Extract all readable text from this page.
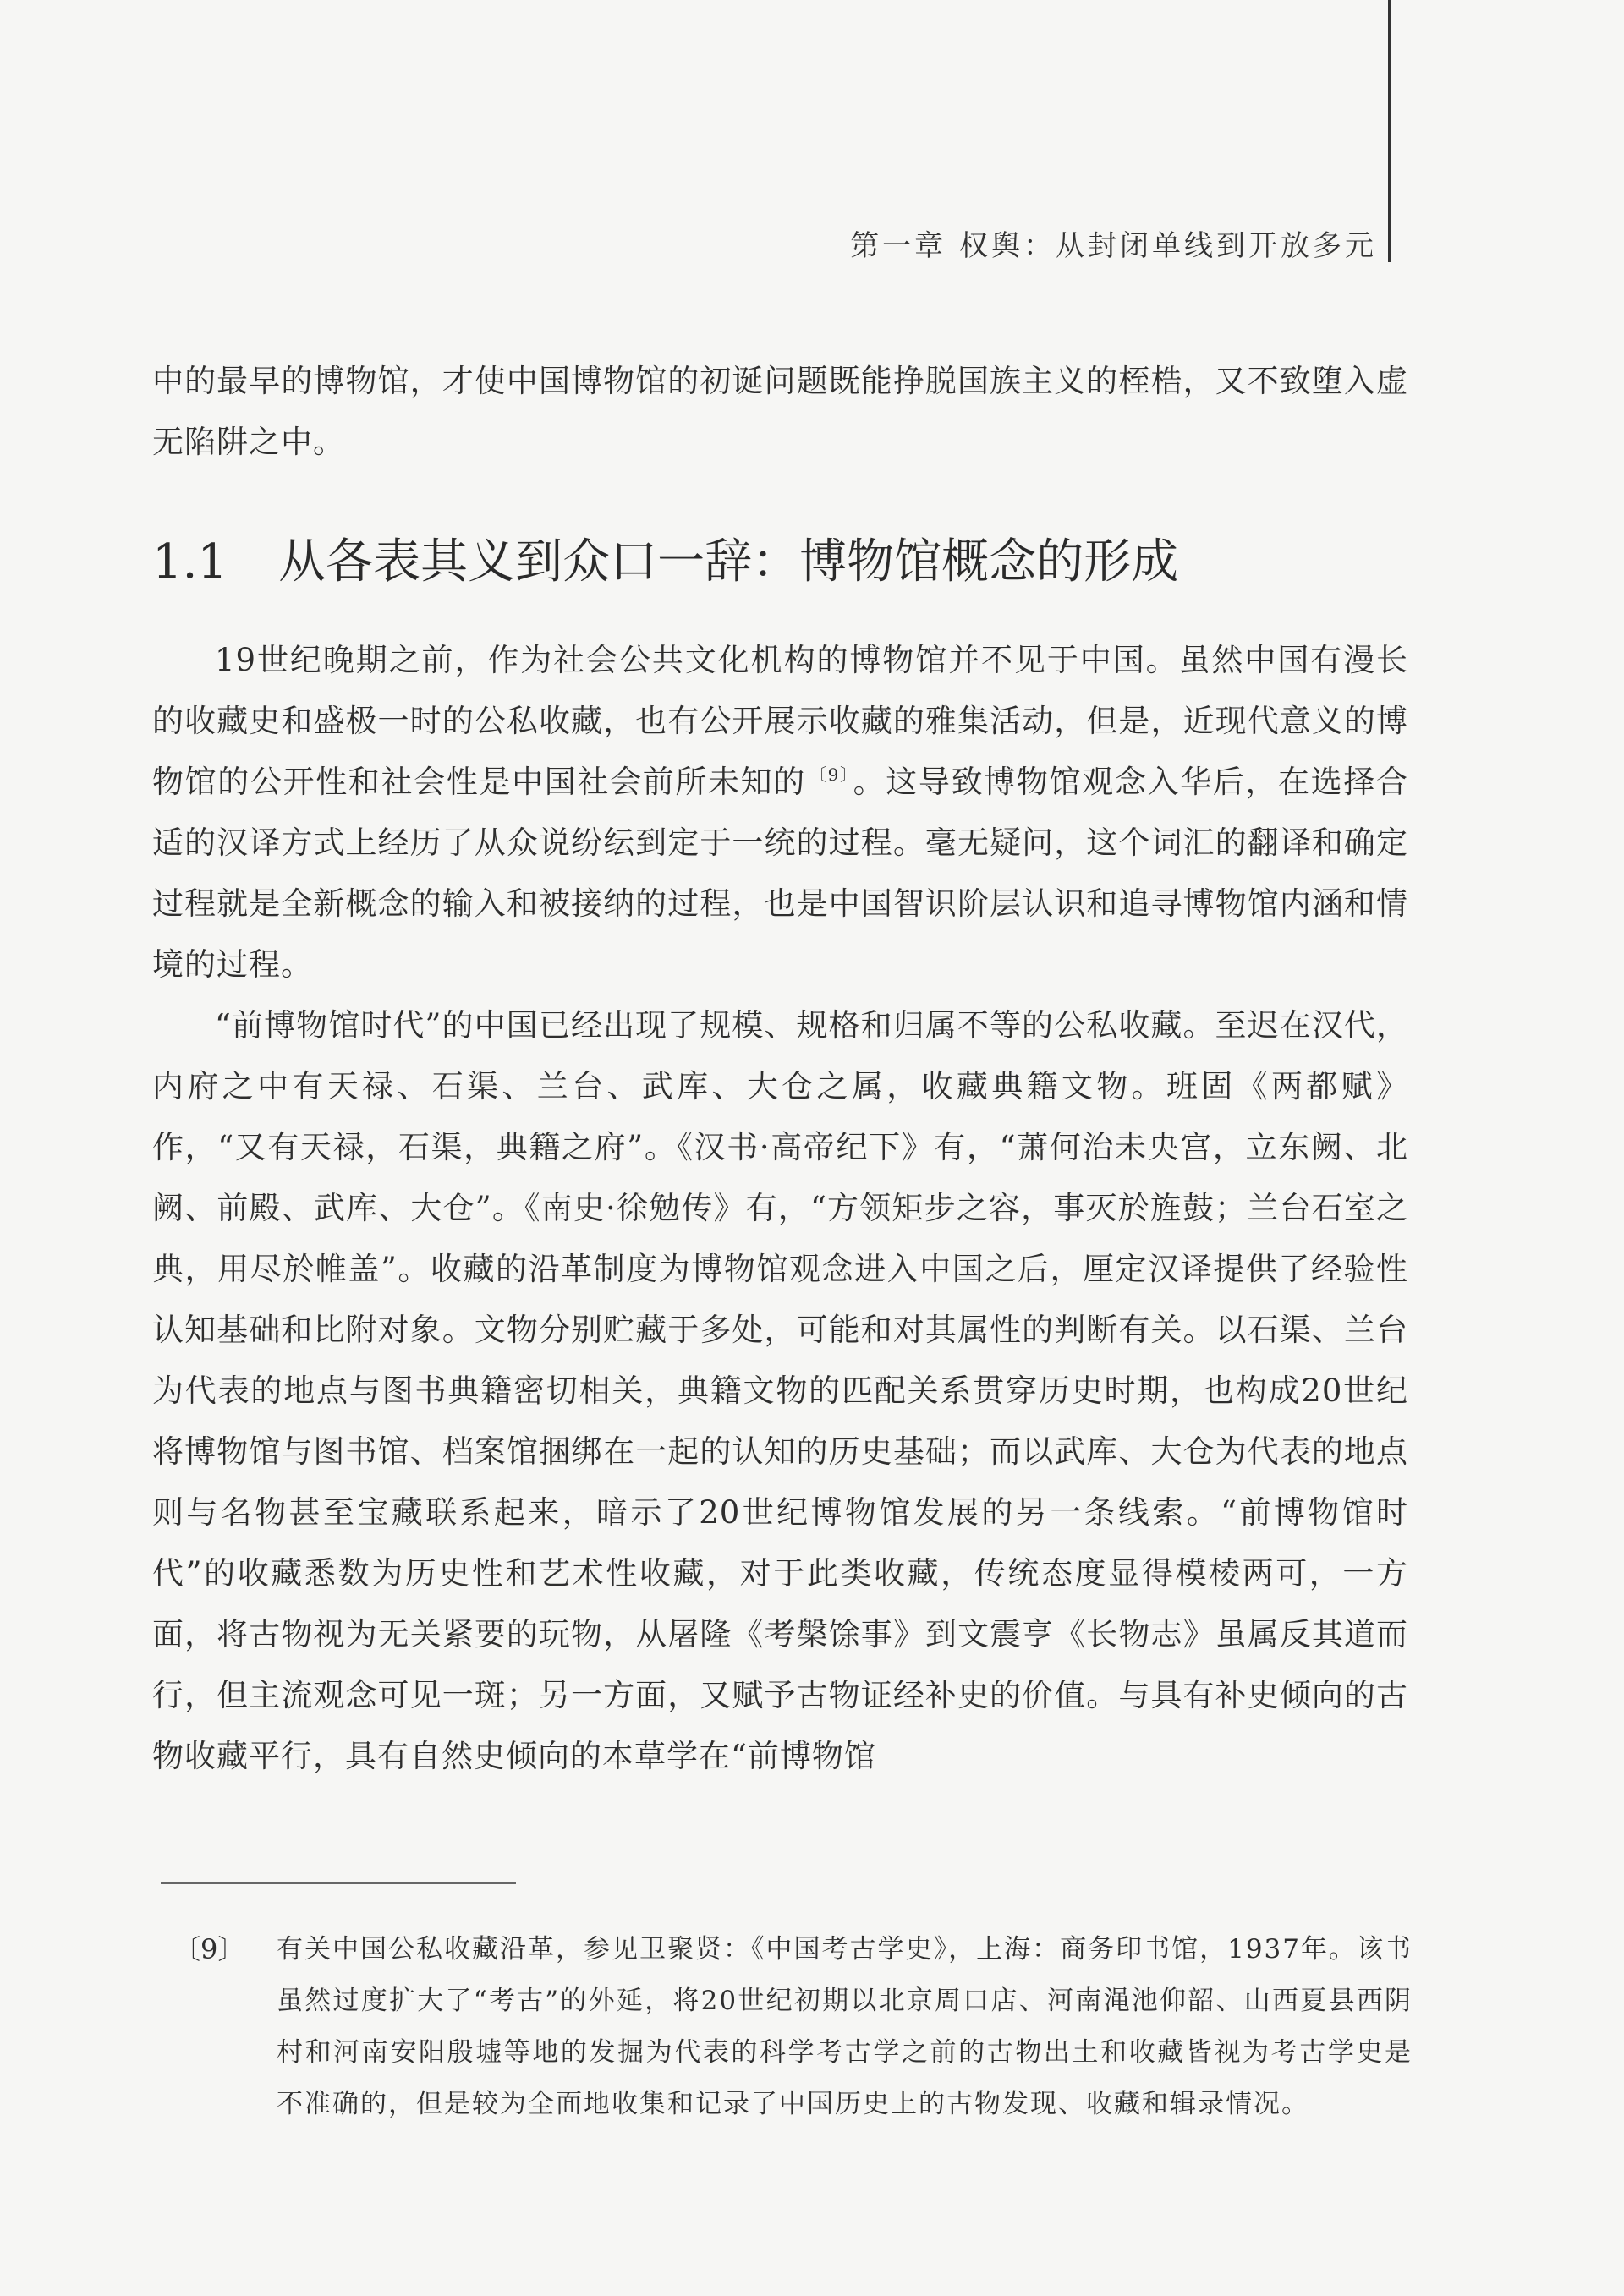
第一章 权舆：从封闭单线到开放多元

中的最早的博物馆，才使中国博物馆的初诞问题既能挣脱国族主义的桎梏，又不致堕入虚无陷阱之中。

1.1 从各表其义到众口一辞：博物馆概念的形成

19世纪晚期之前，作为社会公共文化机构的博物馆并不见于中国。虽然中国有漫长的收藏史和盛极一时的公私收藏，也有公开展示收藏的雅集活动，但是，近现代意义的博物馆的公开性和社会性是中国社会前所未知的 $^{〔9〕}$ 。这导致博物馆观念入华后，在选择合适的汉译方式上经历了从众说纷纭到定于一统的过程。毫无疑问，这个词汇的翻译和确定过程就是全新概念的输入和被接纳的过程，也是中国智识阶层认识和追寻博物馆内涵和情境的过程。

“前博物馆时代”的中国已经出现了规模、规格和归属不等的公私收藏。至迟在汉代，内府之中有天禄、石渠、兰台、武库、大仓之属，收藏典籍文物。班固《两都赋》作，“又有天禄，石渠，典籍之府”。《汉书·高帝纪下》有，“萧何治未央宫，立东阙、北阙、前殿、武库、大仓”。《南史·徐勉传》有，“方领矩步之容，事灭於旌鼓；兰台石室之典，用尽於帷盖”。收藏的沿革制度为博物馆观念进入中国之后，厘定汉译提供了经验性认知基础和比附对象。文物分别贮藏于多处，可能和对其属性的判断有关。以石渠、兰台为代表的地点与图书典籍密切相关，典籍文物的匹配关系贯穿历史时期，也构成20世纪将博物馆与图书馆、档案馆捆绑在一起的认知的历史基础；而以武库、大仓为代表的地点则与名物甚至宝藏联系起来，暗示了20世纪博物馆发展的另一条线索。“前博物馆时代”的收藏悉数为历史性和艺术性收藏，对于此类收藏，传统态度显得模棱两可，一方面，将古物视为无关紧要的玩物，从屠隆《考槃馀事》到文震亨《长物志》虽属反其道而行，但主流观念可见一斑；另一方面，又赋予古物证经补史的价值。与具有补史倾向的古物收藏平行，具有自然史倾向的本草学在“前博物馆

〔9〕	有关中国公私收藏沿革，参见卫聚贤：《中国考古学史》，上海：商务印书馆，1937年。该书虽然过度扩大了“考古”的外延，将20世纪初期以北京周口店、河南渑池仰韶、山西夏县西阴村和河南安阳殷墟等地的发掘为代表的科学考古学之前的古物出土和收藏皆视为考古学史是不准确的，但是较为全面地收集和记录了中国历史上的古物发现、收藏和辑录情况。
